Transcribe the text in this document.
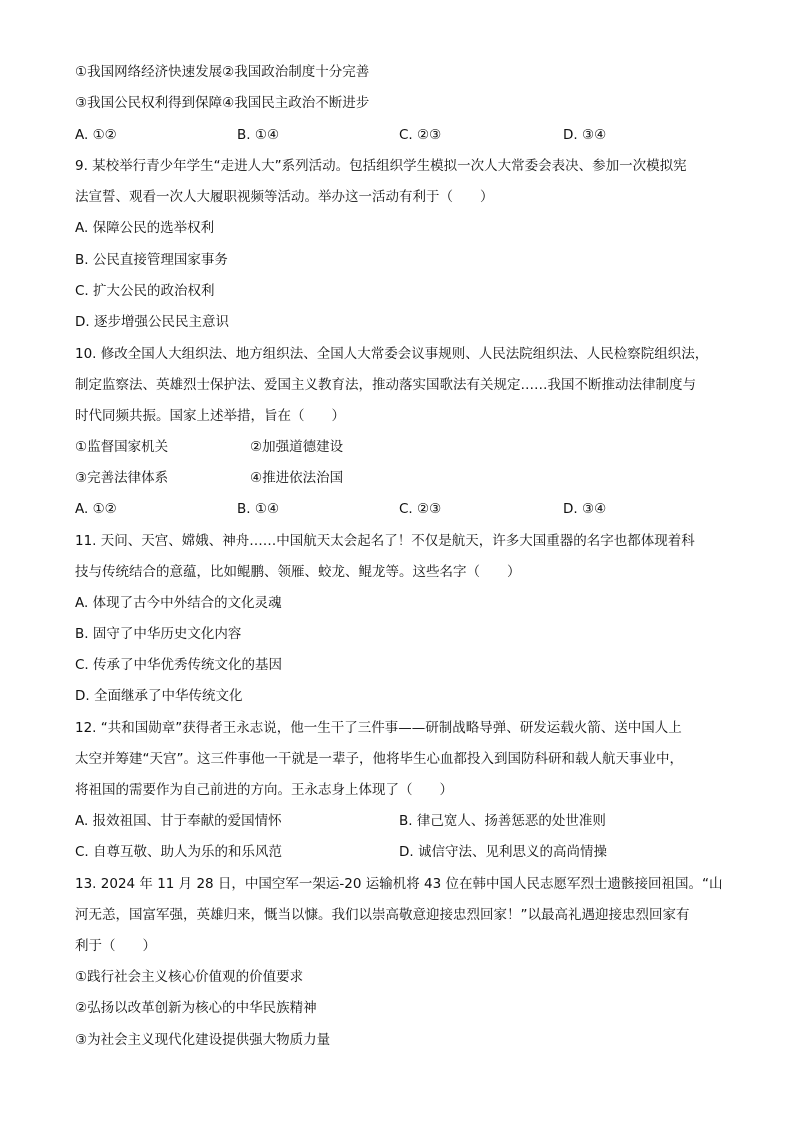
①我国网络经济快速发展②我国政治制度十分完善
③我国公民权利得到保障④我国民主政治不断进步
A. ①②	B. ①④	C. ②③	D. ③④
9. 某校举行青少年学生“走进人大”系列活动。包括组织学生模拟一次人大常委会表决、参加一次模拟宪
法宣誓、观看一次人大履职视频等活动。举办这一活动有利于（　　）
A. 保障公民的选举权利
B. 公民直接管理国家事务
C. 扩大公民的政治权利
D. 逐步增强公民民主意识
10. 修改全国人大组织法、地方组织法、全国人大常委会议事规则、人民法院组织法、人民检察院组织法，
制定监察法、英雄烈士保护法、爱国主义教育法，推动落实国歌法有关规定……我国不断推动法律制度与
时代同频共振。国家上述举措，旨在（　　）
①监督国家机关	②加强道德建设
③完善法律体系	④推进依法治国
A. ①②	B. ①④	C. ②③	D. ③④
11. 天问、天宫、嫦娥、神舟……中国航天太会起名了！不仅是航天，许多大国重器的名字也都体现着科
技与传统结合的意蕴，比如鲲鹏、领雁、蛟龙、鲲龙等。这些名字（　　）
A. 体现了古今中外结合的文化灵魂
B. 固守了中华历史文化内容
C. 传承了中华优秀传统文化的基因
D. 全面继承了中华传统文化
12. “共和国勋章”获得者王永志说，他一生干了三件事——研制战略导弹、研发运载火箭、送中国人上
太空并筹建“天宫”。这三件事他一干就是一辈子，他将毕生心血都投入到国防科研和载人航天事业中，
将祖国的需要作为自己前进的方向。王永志身上体现了（　　）
A. 报效祖国、甘于奉献的爱国情怀	B. 律己宽人、扬善惩恶的处世准则
C. 自尊互敬、助人为乐的和乐风范	D. 诚信守法、见利思义的高尚情操
13. 2024 年 11 月 28 日，中国空军一架运-20 运输机将 43 位在韩中国人民志愿军烈士遗骸接回祖国。“山
河无恙，国富军强，英雄归来，慨当以慷。我们以崇高敬意迎接忠烈回家！”以最高礼遇迎接忠烈回家有
利于（　　）
①践行社会主义核心价值观的价值要求
②弘扬以改革创新为核心的中华民族精神
③为社会主义现代化建设提供强大物质力量
